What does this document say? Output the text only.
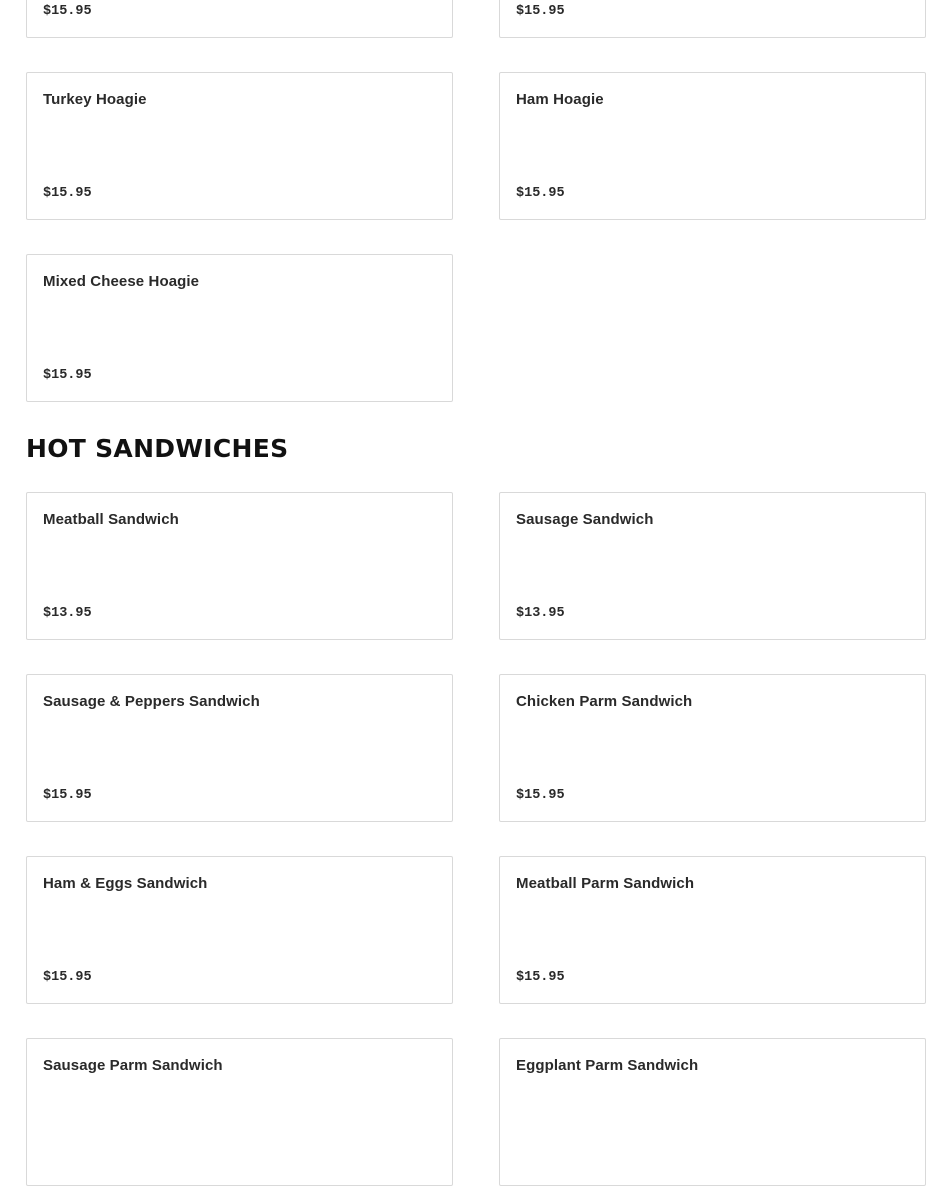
$15.95	$15.95
Turkey Hoagie
$15.95
Ham Hoagie
$15.95
Mixed Cheese Hoagie
$15.95
HOT SANDWICHES
Meatball Sandwich
$13.95
Sausage Sandwich
$13.95
Sausage & Peppers Sandwich
$15.95
Chicken Parm Sandwich
$15.95
Ham & Eggs Sandwich
$15.95
Meatball Parm Sandwich
$15.95
Sausage Parm Sandwich	Eggplant Parm Sandwich
